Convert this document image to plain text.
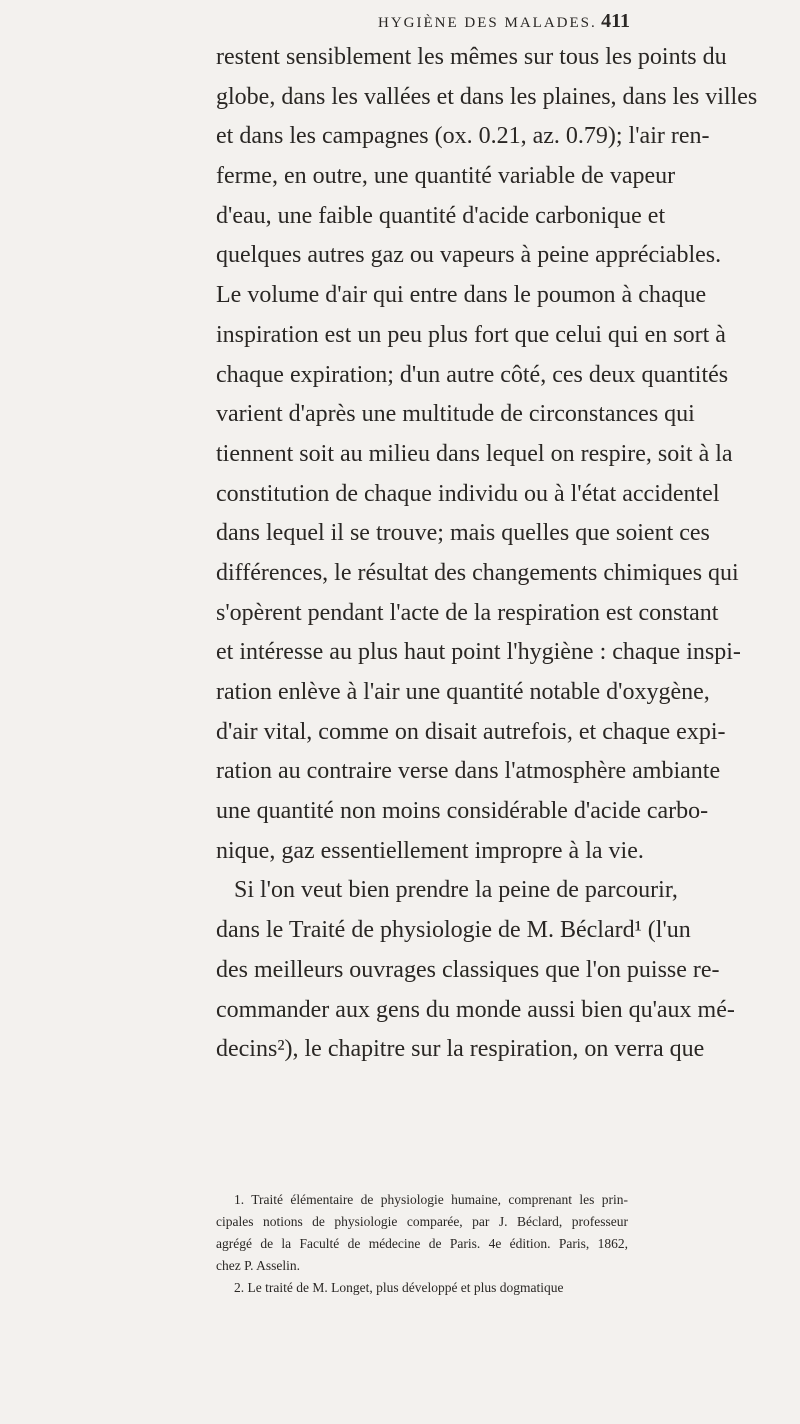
HYGIÈNE DES MALADES. 411
restent sensiblement les mêmes sur tous les points du
globe, dans les vallées et dans les plaines, dans les villes
et dans les campagnes (ox. 0.21, az. 0.79); l'air ren-
ferme, en outre, une quantité variable de vapeur
d'eau, une faible quantité d'acide carbonique et
quelques autres gaz ou vapeurs à peine appréciables.
Le volume d'air qui entre dans le poumon à chaque
inspiration est un peu plus fort que celui qui en sort à
chaque expiration; d'un autre côté, ces deux quantités
varient d'après une multitude de circonstances qui
tiennent soit au milieu dans lequel on respire, soit à la
constitution de chaque individu ou à l'état accidentel
dans lequel il se trouve; mais quelles que soient ces
différences, le résultat des changements chimiques qui
s'opèrent pendant l'acte de la respiration est constant
et intéresse au plus haut point l'hygiène : chaque inspi-
ration enlève à l'air une quantité notable d'oxygène,
d'air vital, comme on disait autrefois, et chaque expi-
ration au contraire verse dans l'atmosphère ambiante
une quantité non moins considérable d'acide carbo-
nique, gaz essentiellement impropre à la vie.
Si l'on veut bien prendre la peine de parcourir,
dans le Traité de physiologie de M. Béclard¹ (l'un
des meilleurs ouvrages classiques que l'on puisse re-
commander aux gens du monde aussi bien qu'aux mé-
decins²), le chapitre sur la respiration, on verra que
1. Traité élémentaire de physiologie humaine, comprenant les prin-
cipales notions de physiologie comparée, par J. Béclard, professeur
agrégé de la Faculté de médecine de Paris. 4e édition. Paris, 1862,
chez P. Asselin.
2. Le traité de M. Longet, plus développé et plus dogmatique
